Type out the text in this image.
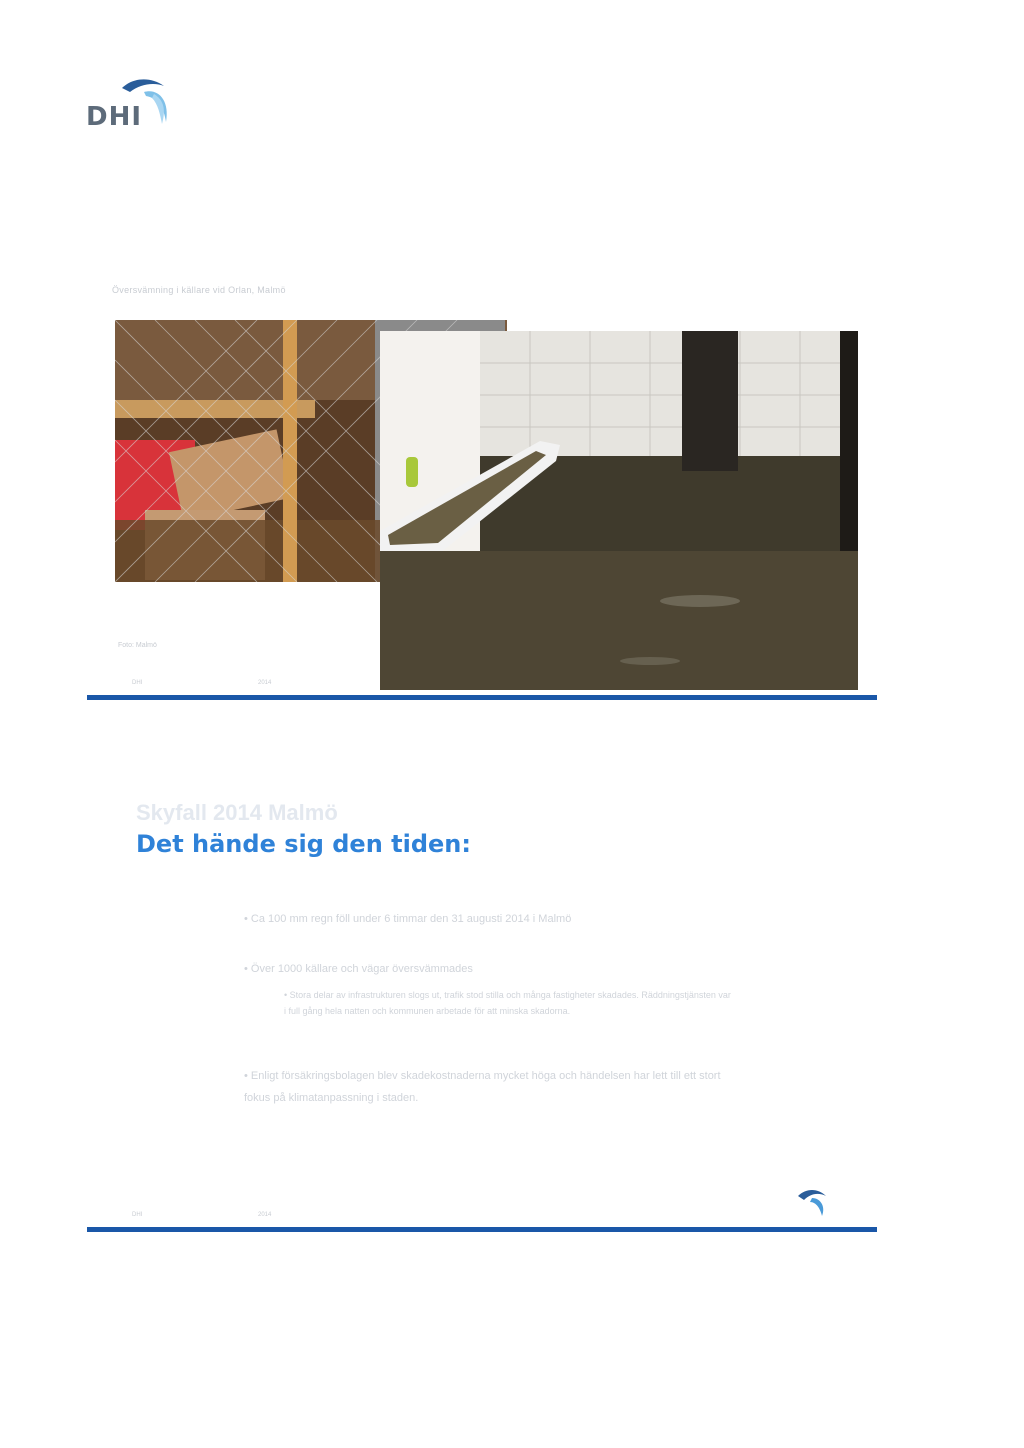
DHI
Översvämning i källare vid Orlan, Malmö
Foto: Malmö
DHI	2014
Skyfall 2014 Malmö
Det hände sig den tiden:
• Ca 100 mm regn föll under 6 timmar den 31 augusti 2014 i Malmö
• Över 1000 källare och vägar översvämmades
• Stora delar av infrastrukturen slogs ut, trafik stod stilla och många fastigheter skadades. Räddningstjänsten var i full gång hela natten och kommunen arbetade för att minska skadorna.
• Enligt försäkringsbolagen blev skadekostnaderna mycket höga och händelsen har lett till ett stort fokus på klimatanpassning i staden.
DHI	2014
